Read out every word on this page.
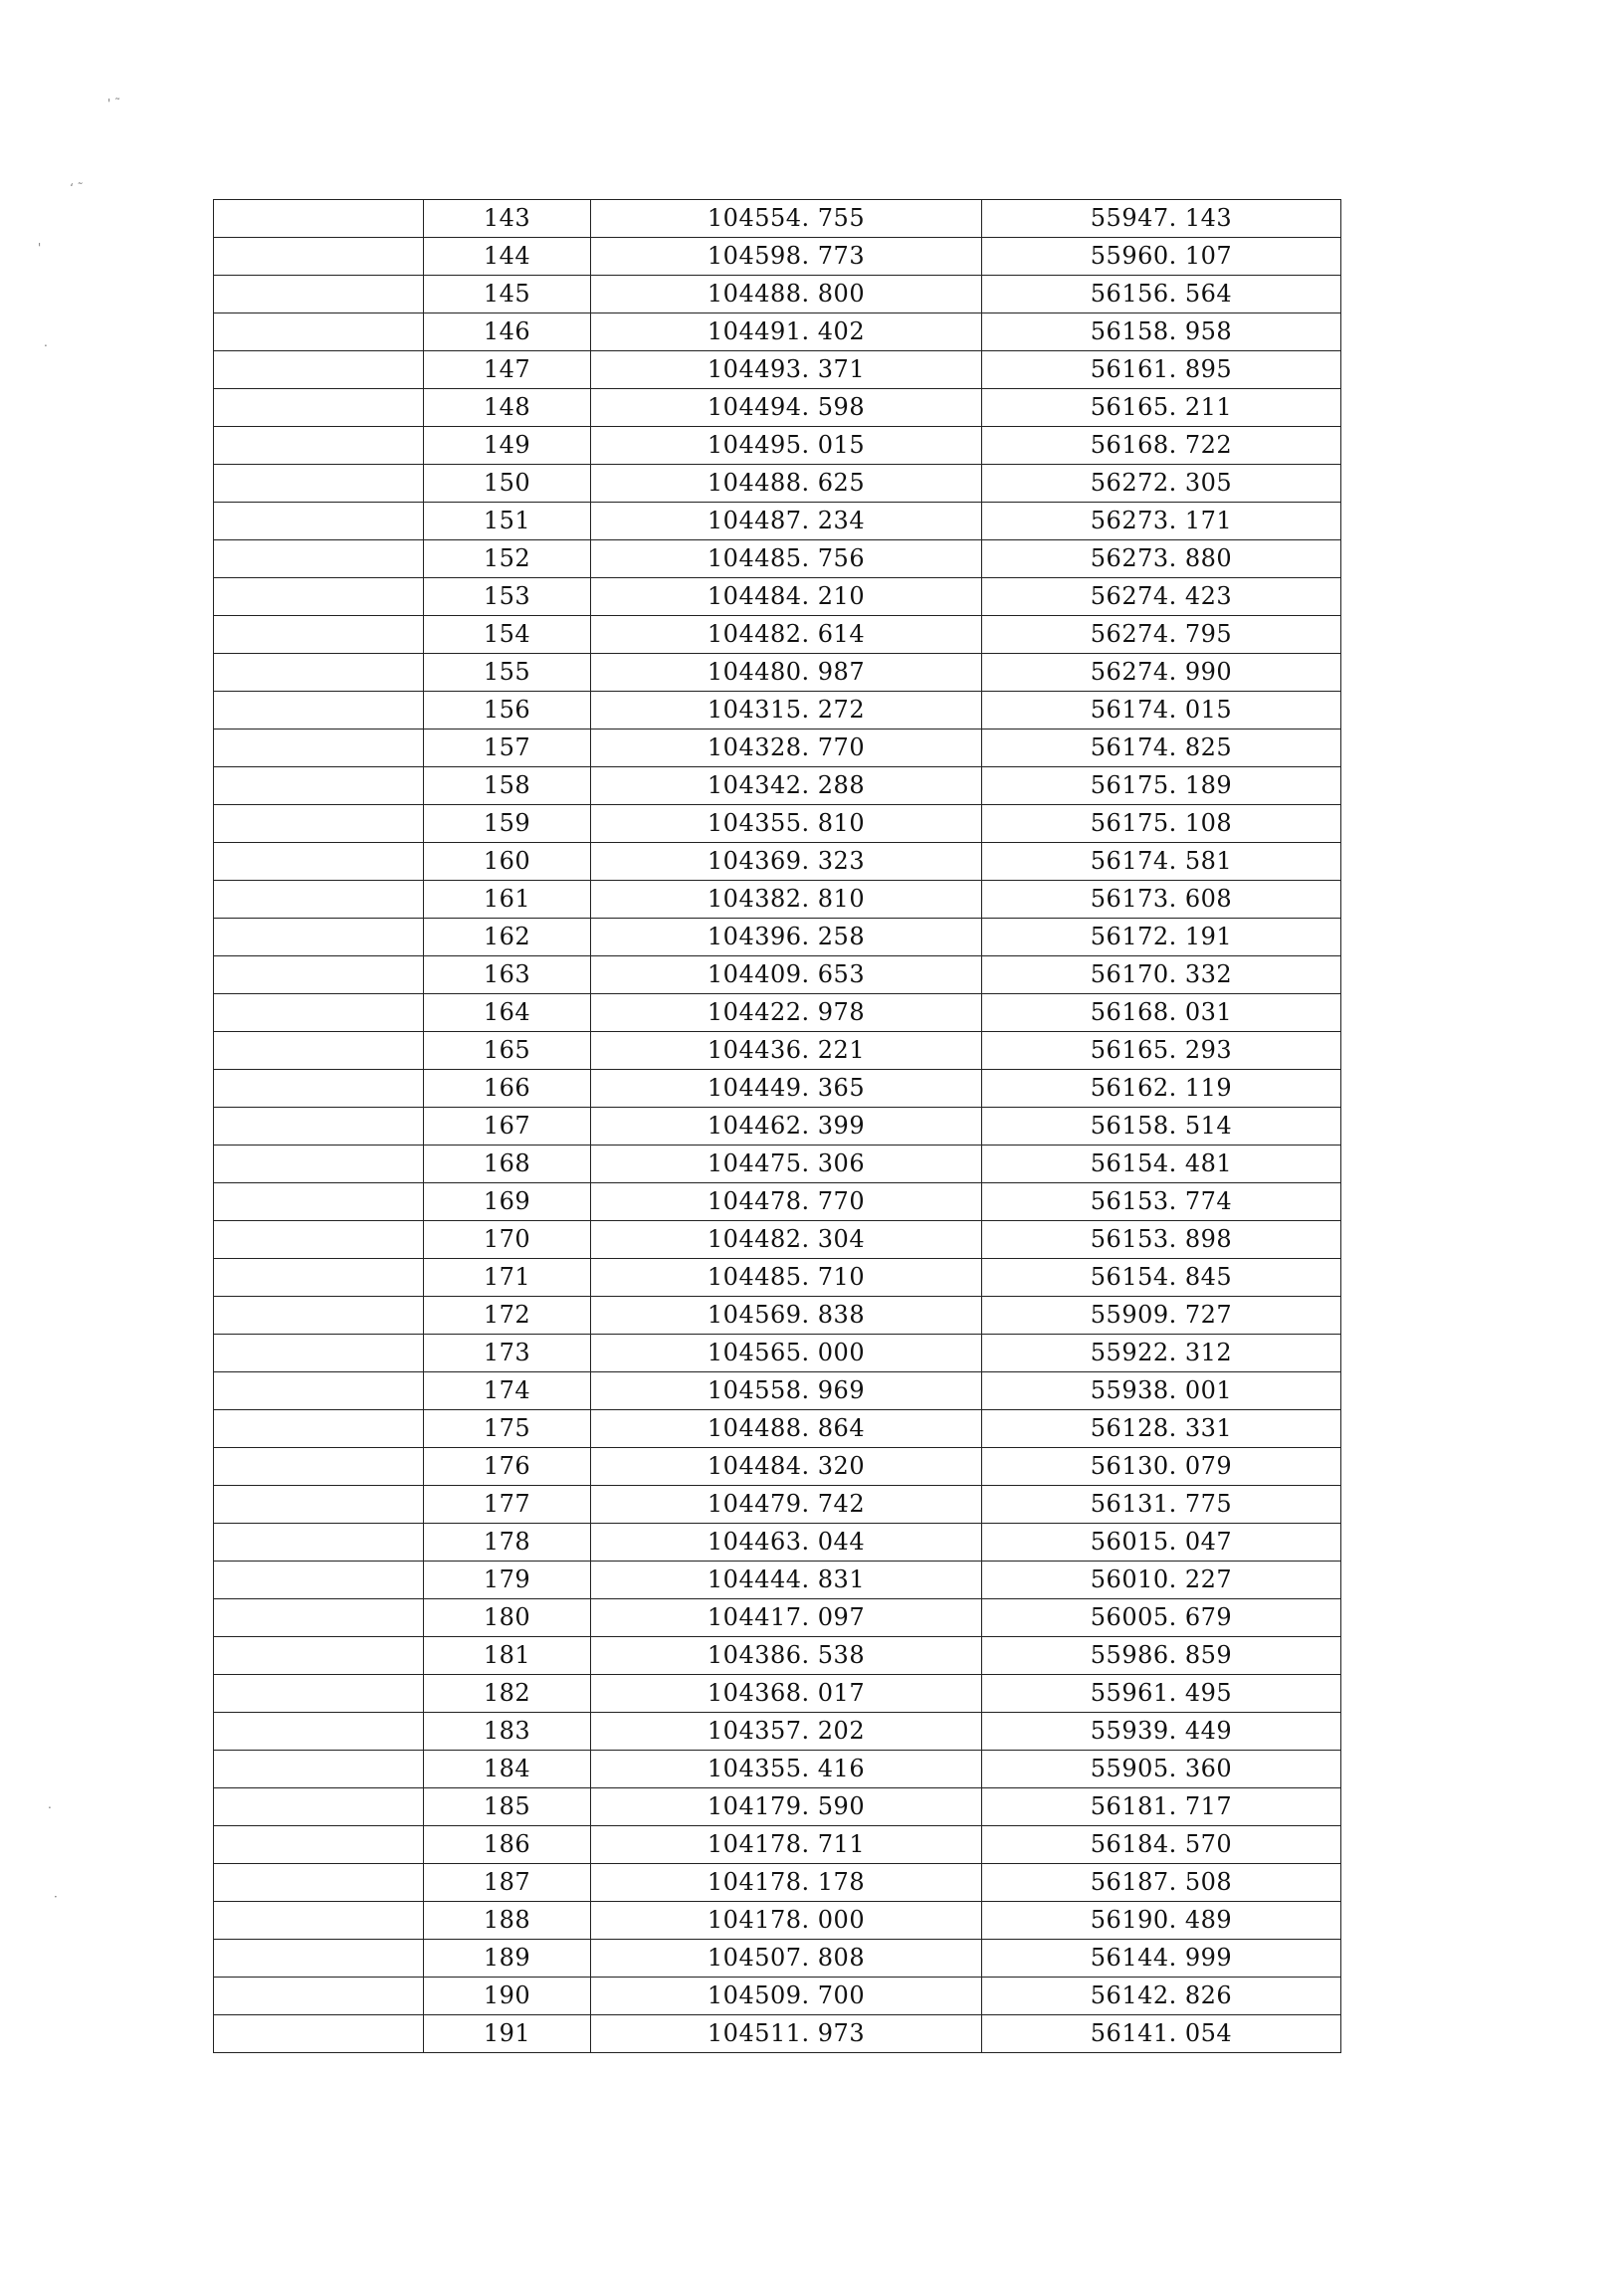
' ˜
‘ ˜
'
.
.
·
	143	104554. 755	55947. 143
	144	104598. 773	55960. 107
	145	104488. 800	56156. 564
	146	104491. 402	56158. 958
	147	104493. 371	56161. 895
	148	104494. 598	56165. 211
	149	104495. 015	56168. 722
	150	104488. 625	56272. 305
	151	104487. 234	56273. 171
	152	104485. 756	56273. 880
	153	104484. 210	56274. 423
	154	104482. 614	56274. 795
	155	104480. 987	56274. 990
	156	104315. 272	56174. 015
	157	104328. 770	56174. 825
	158	104342. 288	56175. 189
	159	104355. 810	56175. 108
	160	104369. 323	56174. 581
	161	104382. 810	56173. 608
	162	104396. 258	56172. 191
	163	104409. 653	56170. 332
	164	104422. 978	56168. 031
	165	104436. 221	56165. 293
	166	104449. 365	56162. 119
	167	104462. 399	56158. 514
	168	104475. 306	56154. 481
	169	104478. 770	56153. 774
	170	104482. 304	56153. 898
	171	104485. 710	56154. 845
	172	104569. 838	55909. 727
	173	104565. 000	55922. 312
	174	104558. 969	55938. 001
	175	104488. 864	56128. 331
	176	104484. 320	56130. 079
	177	104479. 742	56131. 775
	178	104463. 044	56015. 047
	179	104444. 831	56010. 227
	180	104417. 097	56005. 679
	181	104386. 538	55986. 859
	182	104368. 017	55961. 495
	183	104357. 202	55939. 449
	184	104355. 416	55905. 360
	185	104179. 590	56181. 717
	186	104178. 711	56184. 570
	187	104178. 178	56187. 508
	188	104178. 000	56190. 489
	189	104507. 808	56144. 999
	190	104509. 700	56142. 826
	191	104511. 973	56141. 054
